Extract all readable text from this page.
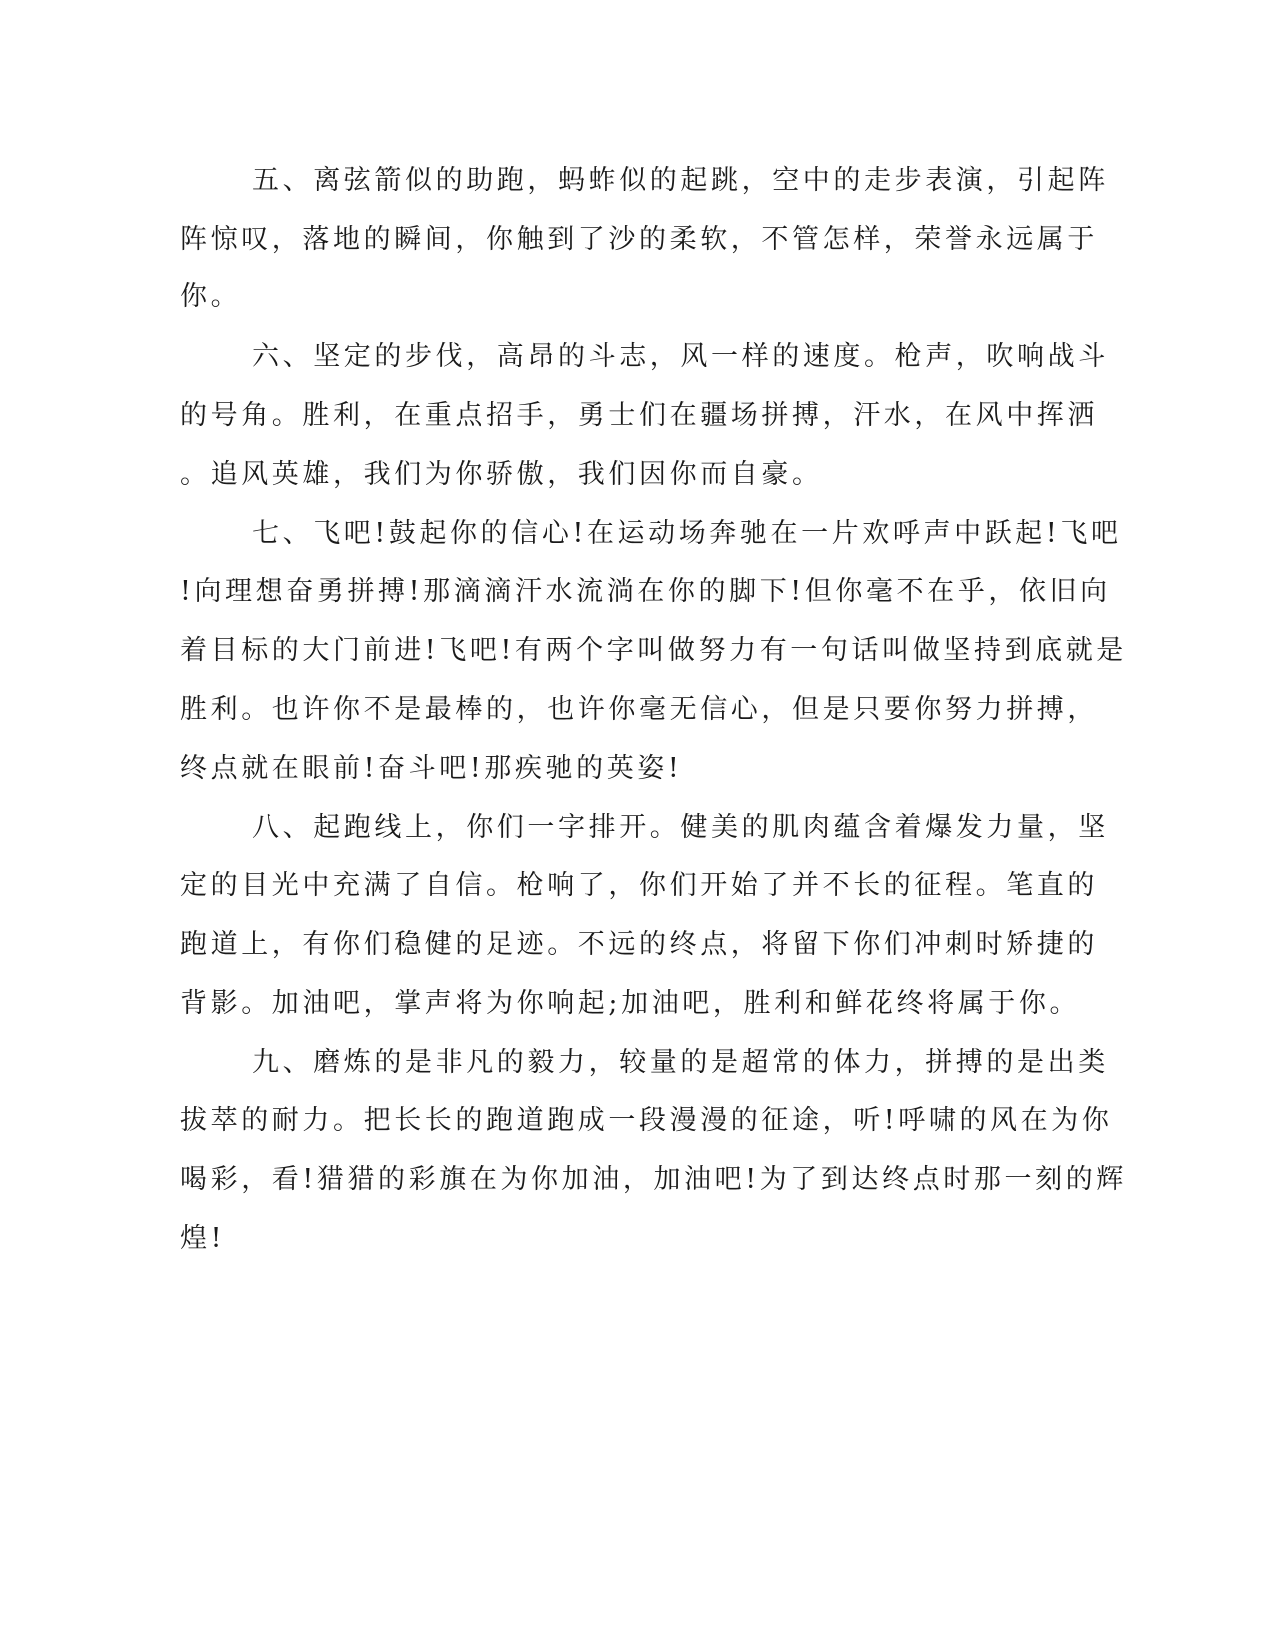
五、离弦箭似的助跑，蚂蚱似的起跳，空中的走步表演，引起阵
阵惊叹，落地的瞬间，你触到了沙的柔软，不管怎样，荣誉永远属于
你。
六、坚定的步伐，高昂的斗志，风一样的速度。枪声，吹响战斗
的号角。胜利，在重点招手，勇士们在疆场拼搏，汗水，在风中挥洒
。追风英雄，我们为你骄傲，我们因你而自豪。
七、飞吧!鼓起你的信心!在运动场奔驰在一片欢呼声中跃起!飞吧
!向理想奋勇拼搏!那滴滴汗水流淌在你的脚下!但你毫不在乎，依旧向
着目标的大门前进!飞吧!有两个字叫做努力有一句话叫做坚持到底就是
胜利。也许你不是最棒的，也许你毫无信心，但是只要你努力拼搏，
终点就在眼前!奋斗吧!那疾驰的英姿!
八、起跑线上，你们一字排开。健美的肌肉蕴含着爆发力量，坚
定的目光中充满了自信。枪响了，你们开始了并不长的征程。笔直的
跑道上，有你们稳健的足迹。不远的终点，将留下你们冲刺时矫捷的
背影。加油吧，掌声将为你响起;加油吧，胜利和鲜花终将属于你。
九、磨炼的是非凡的毅力，较量的是超常的体力，拼搏的是出类
拔萃的耐力。把长长的跑道跑成一段漫漫的征途，听!呼啸的风在为你
喝彩，看!猎猎的彩旗在为你加油，加油吧!为了到达终点时那一刻的辉
煌!
